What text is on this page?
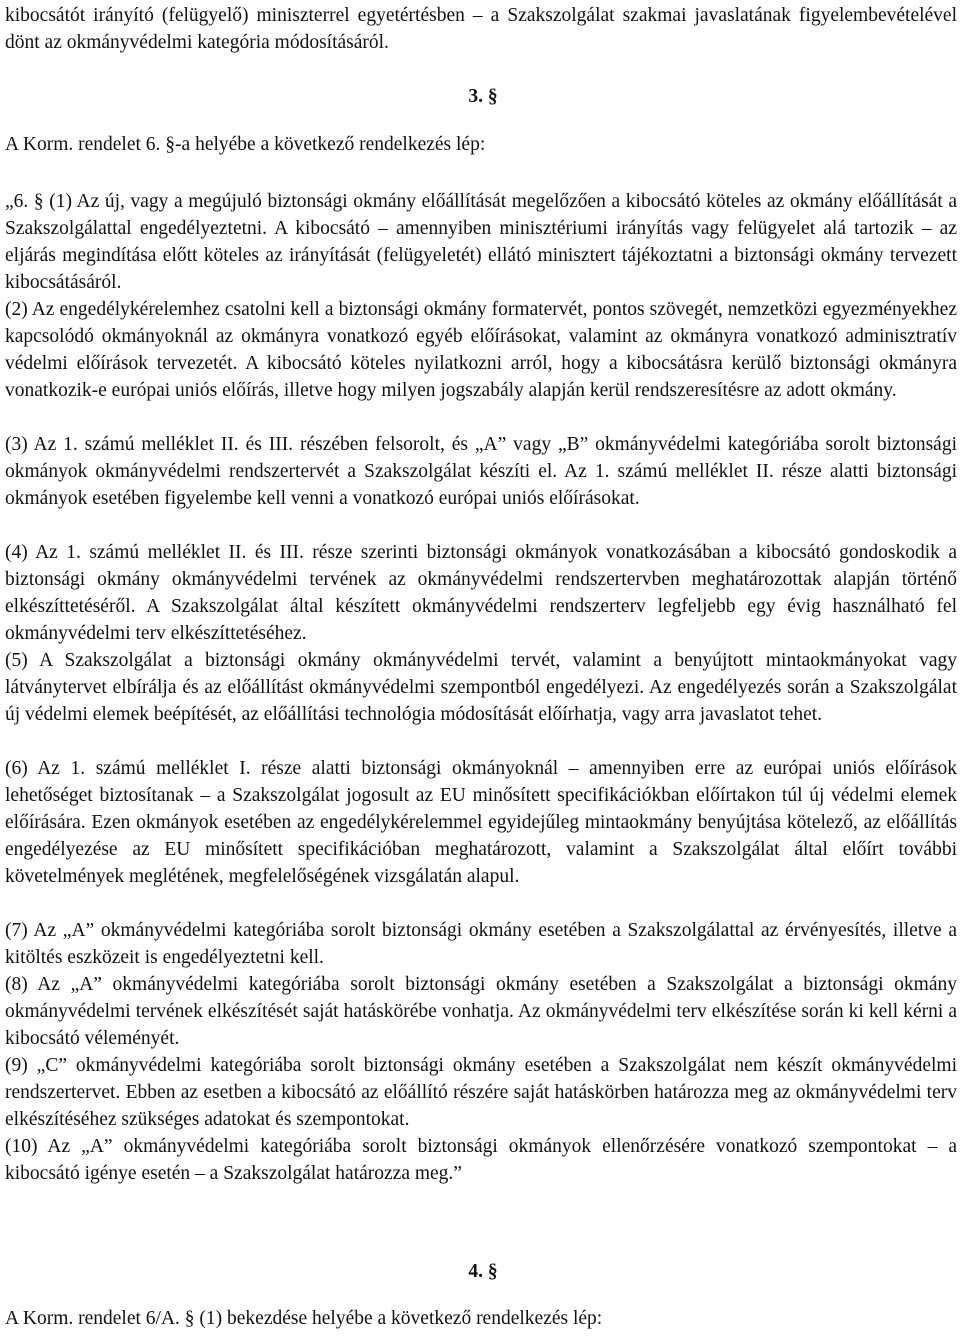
kibocsátót irányító (felügyelő) miniszterrel egyetértésben – a Szakszolgálat szakmai javaslatának figyelembevételével dönt az okmányvédelmi kategória módosításáról.

3. §

A Korm. rendelet 6. §-a helyébe a következő rendelkezés lép:

„6. § (1) Az új, vagy a megújuló biztonsági okmány előállítását megelőzően a kibocsátó köteles az okmány előállítását a Szakszolgálattal engedélyeztetni. A kibocsátó – amennyiben minisztériumi irányítás vagy felügyelet alá tartozik – az eljárás megindítása előtt köteles az irányítását (felügyeletét) ellátó minisztert tájékoztatni a biztonsági okmány tervezett kibocsátásáról.

(2) Az engedélykérelemhez csatolni kell a biztonsági okmány formatervét, pontos szövegét, nemzetközi egyezményekhez kapcsolódó okmányoknál az okmányra vonatkozó egyéb előírásokat, valamint az okmányra vonatkozó adminisztratív védelmi előírások tervezetét. A kibocsátó köteles nyilatkozni arról, hogy a kibocsátásra kerülő biztonsági okmányra vonatkozik-e európai uniós előírás, illetve hogy milyen jogszabály alapján kerül rendszeresítésre az adott okmány.

(3) Az 1. számú melléklet II. és III. részében felsorolt, és „A” vagy „B” okmányvédelmi kategóriába sorolt biztonsági okmányok okmányvédelmi rendszertervét a Szakszolgálat készíti el. Az 1. számú melléklet II. része alatti biztonsági okmányok esetében figyelembe kell venni a vonatkozó európai uniós előírásokat.

(4) Az 1. számú melléklet II. és III. része szerinti biztonsági okmányok vonatkozásában a kibocsátó gondoskodik a biztonsági okmány okmányvédelmi tervének az okmányvédelmi rendszertervben meghatározottak alapján történő elkészíttetéséről. A Szakszolgálat által készített okmányvédelmi rendszerterv legfeljebb egy évig használható fel okmányvédelmi terv elkészíttetéséhez.

(5) A Szakszolgálat a biztonsági okmány okmányvédelmi tervét, valamint a benyújtott mintaokmányokat vagy látványtervet elbírálja és az előállítást okmányvédelmi szempontból engedélyezi. Az engedélyezés során a Szakszolgálat új védelmi elemek beépítését, az előállítási technológia módosítását előírhatja, vagy arra javaslatot tehet.

(6) Az 1. számú melléklet I. része alatti biztonsági okmányoknál – amennyiben erre az európai uniós előírások lehetőséget biztosítanak – a Szakszolgálat jogosult az EU minősített specifikációkban előírtakon túl új védelmi elemek előírására. Ezen okmányok esetében az engedélykérelemmel egyidejűleg mintaokmány benyújtása kötelező, az előállítás engedélyezése az EU minősített specifikációban meghatározott, valamint a Szakszolgálat által előírt további követelmények meglétének, megfelelőségének vizsgálatán alapul.

(7) Az „A” okmányvédelmi kategóriába sorolt biztonsági okmány esetében a Szakszolgálattal az érvényesítés, illetve a kitöltés eszközeit is engedélyeztetni kell.

(8) Az „A” okmányvédelmi kategóriába sorolt biztonsági okmány esetében a Szakszolgálat a biztonsági okmány okmányvédelmi tervének elkészítését saját hatáskörébe vonhatja. Az okmányvédelmi terv elkészítése során ki kell kérni a kibocsátó véleményét.

(9) „C” okmányvédelmi kategóriába sorolt biztonsági okmány esetében a Szakszolgálat nem készít okmányvédelmi rendszertervet. Ebben az esetben a kibocsátó az előállító részére saját hatáskörben határozza meg az okmányvédelmi terv elkészítéséhez szükséges adatokat és szempontokat.

(10) Az „A” okmányvédelmi kategóriába sorolt biztonsági okmányok ellenőrzésére vonatkozó szempontokat – a kibocsátó igénye esetén – a Szakszolgálat határozza meg.”

4. §

A Korm. rendelet 6/A. § (1) bekezdése helyébe a következő rendelkezés lép:
